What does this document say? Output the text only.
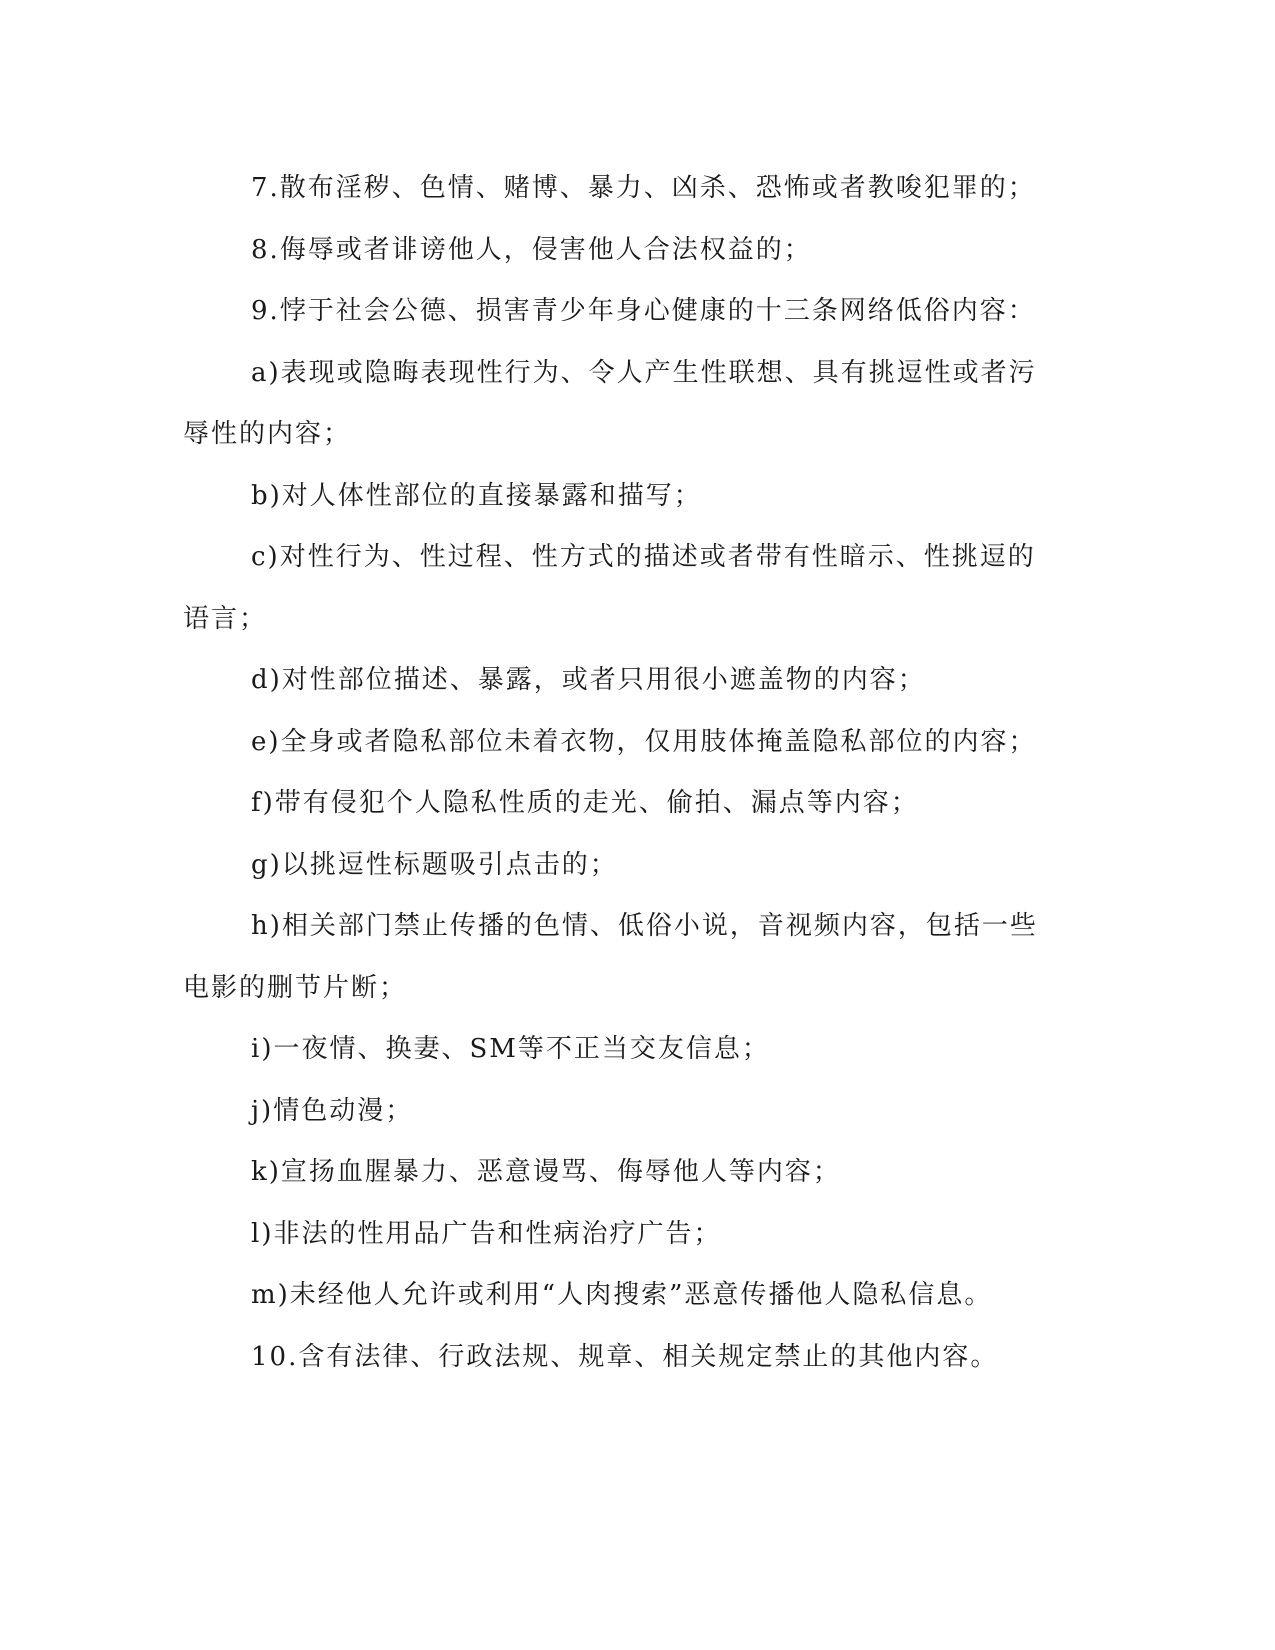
7.散布淫秽、色情、赌博、暴力、凶杀、恐怖或者教唆犯罪的；

8.侮辱或者诽谤他人，侵害他人合法权益的；

9.悖于社会公德、损害青少年身心健康的十三条网络低俗内容：

a)表现或隐晦表现性行为、令人产生性联想、具有挑逗性或者污辱性的内容；

b)对人体性部位的直接暴露和描写；

c)对性行为、性过程、性方式的描述或者带有性暗示、性挑逗的语言；

d)对性部位描述、暴露，或者只用很小遮盖物的内容；

e)全身或者隐私部位未着衣物，仅用肢体掩盖隐私部位的内容；

f)带有侵犯个人隐私性质的走光、偷拍、漏点等内容；

g)以挑逗性标题吸引点击的；

h)相关部门禁止传播的色情、低俗小说，音视频内容，包括一些电影的删节片断；

i)一夜情、换妻、SM等不正当交友信息；

j)情色动漫；

k)宣扬血腥暴力、恶意谩骂、侮辱他人等内容；

l)非法的性用品广告和性病治疗广告；

m)未经他人允许或利用“人肉搜索”恶意传播他人隐私信息。

10.含有法律、行政法规、规章、相关规定禁止的其他内容。
